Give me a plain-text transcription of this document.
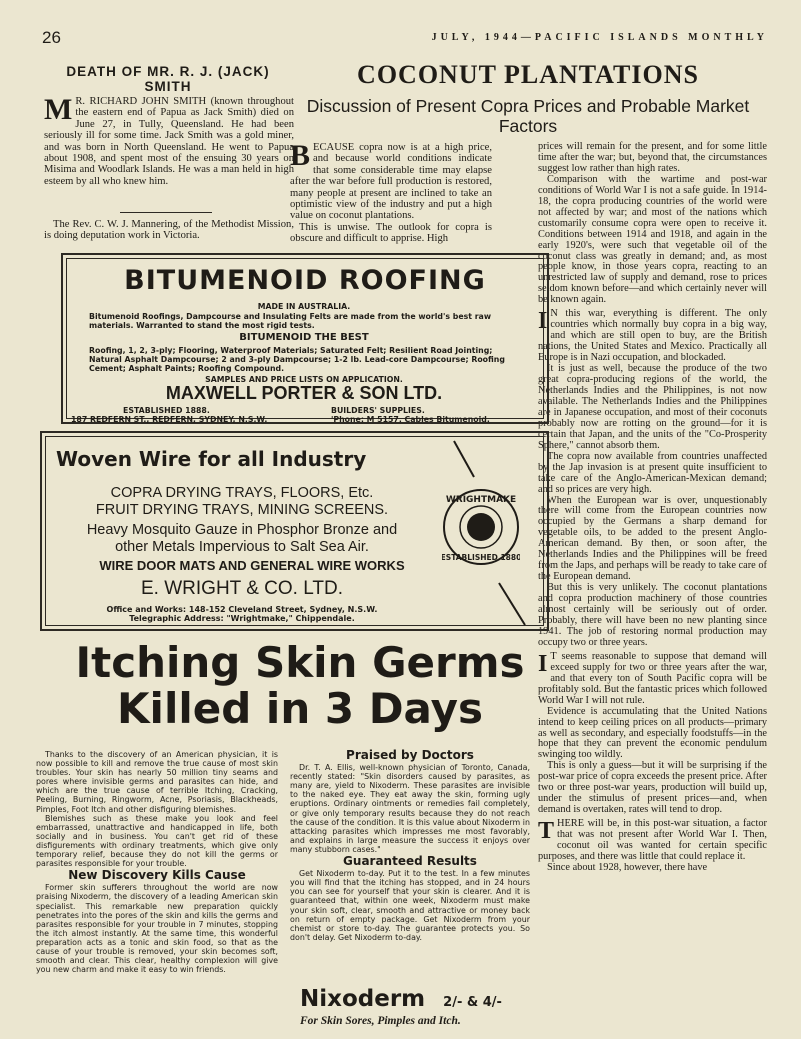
26	JULY, 1944—PACIFIC ISLANDS MONTHLY
DEATH OF MR. R. J. (JACK) SMITH
M R. RICHARD JOHN SMITH (known throughout the eastern end of Papua as Jack Smith) died on June 27, in Tully, Queensland. He had been seriously ill for some time. Jack Smith was a gold miner, and was born in North Queensland. He went to Papua about 1908, and spent most of the ensuing 30 years on Misima and Woodlark Islands. He was a man held in high esteem by all who knew him.

The Rev. C. W. J. Mannering, of the Methodist Mission, is doing deputation work in Victoria.

COCONUT PLANTATIONS
Discussion of Present Copra Prices and Probable Market Factors
BECAUSE copra now is at a high price, and because world conditions indicate that some considerable time may elapse after the war before full production is restored, many people at present are inclined to take an optimistic view of the industry and put a high value on coconut plantations.

This is unwise. The outlook for copra is obscure and difficult to apprise. High

prices will remain for the present, and for some little time after the war; but, beyond that, the circumstances suggest low rather than high rates.

Comparison with the wartime and post-war conditions of World War I is not a safe guide. In 1914-18, the copra producing countries of the world were not affected by war; and most of the nations which customarily consume copra were open to receive it. Conditions between 1914 and 1918, and again in the early 1920's, were such that vegetable oil of the coconut class was greatly in demand; and, as most people know, in those years copra, reacting to an unrestricted law of supply and demand, rose to prices seldom known before—and which certainly never will be known again.

I N this war, everything is different. The only countries which normally buy copra in a big way, and which are still open to buy, are the British nations, the United States and Mexico. Practically all Europe is in Nazi occupation, and blockaded.

It is just as well, because the produce of the two great copra-producing regions of the world, the Netherlands Indies and the Philippines, is not now available. The Netherlands Indies and the Philippines are in Japanese occupation, and most of their coconuts probably now are rotting on the ground—for it is certain that Japan, and the units of the "Co-Prosperity Sphere," cannot absorb them.

The copra now available from countries unaffected by the Jap invasion is at present quite insufficient to take care of the Anglo-American-Mexican demand; and so prices are very high.

When the European war is over, unquestionably there will come from the European countries now occupied by the Germans a sharp demand for vegetable oils, to be added to the present Anglo-American demand. By then, or soon after, the Netherlands Indies and the Philippines will be freed from the Japs, and perhaps will be ready to take care of the European demand.

But this is very unlikely. The coconut plantations and copra production machinery of those countries almost certainly will be seriously out of order. Probably, there will have been no new planting since 1941. The job of restoring normal production may occupy two or three years.

I T seems reasonable to suppose that demand will exceed supply for two or three years after the war, and that every ton of South Pacific copra will be profitably sold. But the fantastic prices which followed World War I will not rule.

Evidence is accumulating that the United Nations intend to keep ceiling prices on all products—primary as well as secondary, and especially foodstuffs—in the hope that they can prevent the economic pendulum swinging too wildly.

This is only a guess—but it will be surprising if the post-war price of copra exceeds the present price. After two or three post-war years, production will build up, under the stimulus of present prices—and, when demand is overtaken, rates will tend to drop.

THERE will be, in this post-war situation, a factor that was not present after World War I. Then, coconut oil was wanted for certain specific purposes, and there was little that could replace it.

Since about 1928, however, there have

BITUMENOID ROOFING
MADE IN AUSTRALIA.
Bitumenoid Roofings, Dampcourse and Insulating Felts are made from the world's best raw materials. Warranted to stand the most rigid tests.
BITUMENOID THE BEST
Roofing, 1, 2, 3-ply; Flooring, Waterproof Materials; Saturated Felt; Resilient Road Jointing; Natural Asphalt Dampcourse; 2 and 3-ply Dampcourse; 1-2 lb. Lead-core Dampcourse; Roofing Cement; Asphalt Paints; Roofing Compound.
SAMPLES AND PRICE LISTS ON APPLICATION.
MAXWELL PORTER & SON LTD.
ESTABLISHED 1888.	BUILDERS' SUPPLIES.
187 REDFERN ST., REDFERN, SYDNEY, N.S.W.	'Phone: M 5157. Cables Bitumenoid.
Woven Wire for all Industry
COPRA DRYING TRAYS, FLOORS, Etc.
FRUIT DRYING TRAYS, MINING SCREENS.
Heavy Mosquito Gauze in Phosphor Bronze and
other Metals Impervious to Salt Sea Air.
WIRE DOOR MATS AND GENERAL WIRE WORKS
WRIGHTMAKE
ESTABLISHED 1880
E. WRIGHT & CO. LTD.
Office and Works: 148-152 Cleveland Street, Sydney, N.S.W.
Telegraphic Address: "Wrightmake," Chippendale.
Itching Skin Germs
Killed in 3 Days

Thanks to the discovery of an American physician, it is now possible to kill and remove the true cause of most skin troubles. Your skin has nearly 50 million tiny seams and pores where invisible germs and parasites can hide, and which are the true cause of terrible Itching, Cracking, Peeling, Burning, Ringworm, Acne, Psoriasis, Blackheads, Pimples, Foot Itch and other disfiguring blemishes.

Blemishes such as these make you look and feel embarrassed, unattractive and handicapped in life, both socially and in business. You can't get rid of these disfigurements with ordinary treatments, which give only temporary relief, because they do not kill the germs or parasites responsible for your trouble.

New Discovery Kills Cause

Former skin sufferers throughout the world are now praising Nixoderm, the discovery of a leading American skin specialist. This remarkable new preparation quickly penetrates into the pores of the skin and kills the germs and parasites responsible for your trouble in 7 minutes, stopping the itch almost instantly. At the same time, this wonderful preparation acts as a tonic and skin food, so that as the cause of your trouble is removed, your skin becomes soft, smooth and clear. This clear, healthy complexion will give you new charm and make it easy to win friends.

Praised by Doctors

Dr. T. A. Ellis, well-known physician of Toronto, Canada, recently stated: "Skin disorders caused by parasites, as many are, yield to Nixoderm. These parasites are invisible to the naked eye. They eat away the skin, forming ugly eruptions. Ordinary ointments or remedies fail completely, or give only temporary results because they do not reach the cause of the condition. It is this value about Nixoderm in attacking parasites which impresses me most favorably, and explains in large measure the success it enjoys over many stubborn cases."

Guaranteed Results

Get Nixoderm to-day. Put it to the test. In a few minutes you will find that the itching has stopped, and in 24 hours you can see for yourself that your skin is clearer. And it is guaranteed that, within one week, Nixoderm must make your skin soft, clear, smooth and attractive or money back on return of empty package. Get Nixoderm from your chemist or store to-day. The guarantee protects you. So don't delay. Get Nixoderm to-day.

Nixoderm 2/- & 4/-
For Skin Sores, Pimples and Itch.
